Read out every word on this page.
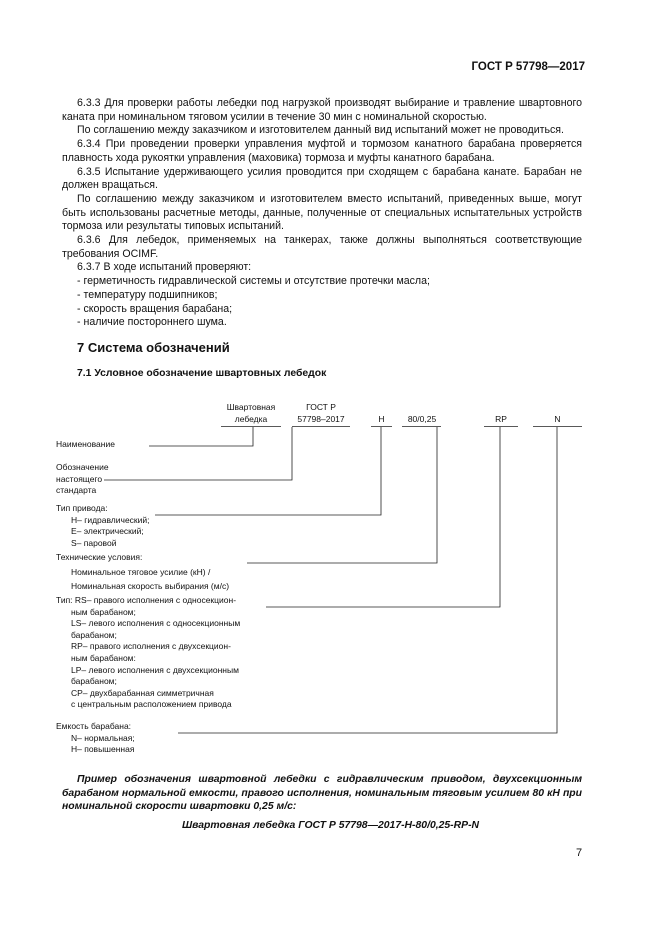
ГОСТ Р 57798—2017

6.3.3 Для проверки работы лебедки под нагрузкой производят выбирание и травление швартовного каната при номинальном тяговом усилии в течение 30 мин с номинальной скоростью.

По соглашению между заказчиком и изготовителем данный вид испытаний может не проводиться.

6.3.4 При проведении проверки управления муфтой и тормозом канатного барабана проверяется плавность хода рукоятки управления (маховика) тормоза и муфты канатного барабана.

6.3.5 Испытание удерживающего усилия проводится при сходящем с барабана канате. Барабан не должен вращаться.

По соглашению между заказчиком и изготовителем вместо испытаний, приведенных выше, могут быть использованы расчетные методы, данные, полученные от специальных испытательных устройств тормоза или результаты типовых испытаний.

6.3.6 Для лебедок, применяемых на танкерах, также должны выполняться соответствующие требования OCIMF.

6.3.7 В ходе испытаний проверяют:

- герметичность гидравлической системы и отсутствие протечки масла;

- температуру подшипников;

- скорость вращения барабана;

- наличие постороннего шума.

7 Система обозначений
7.1 Условное обозначение швартовных лебедок
Швартовная
лебедка
ГОСТ Р
57798–2017	Н	80/0,25	RP	N
Наименование
Обозначение
настоящего
стандарта
Тип привода:
Н– гидравлический;
Е– электрический;
S– паровой
Технические условия:
Номинальное тяговое усилие (кН) /
Номинальная скорость выбирания (м/с)
Тип: RS– правого исполнения с односекцион-
ным барабаном;
LS– левого исполнения с односекционным
барабаном;
RP– правого исполнения с двухсекцион-
ным барабаном:
LP– левого исполнения с двухсекционным
барабаном;
CP– двухбарабанная симметричная
с центральным расположением привода
Емкость барабана:
N– нормальная;
Н– повышенная

Пример обозначения швартовной лебедки с гидравлическим приводом, двухсекционным барабаном нормальной емкости, правого исполнения, номинальным тяговым усилием 80 кН при номинальной скорости швартовки 0,25 м/с:

Швартовная лебедка ГОСТ Р 57798—2017-Н-80/0,25-RP-N
7
